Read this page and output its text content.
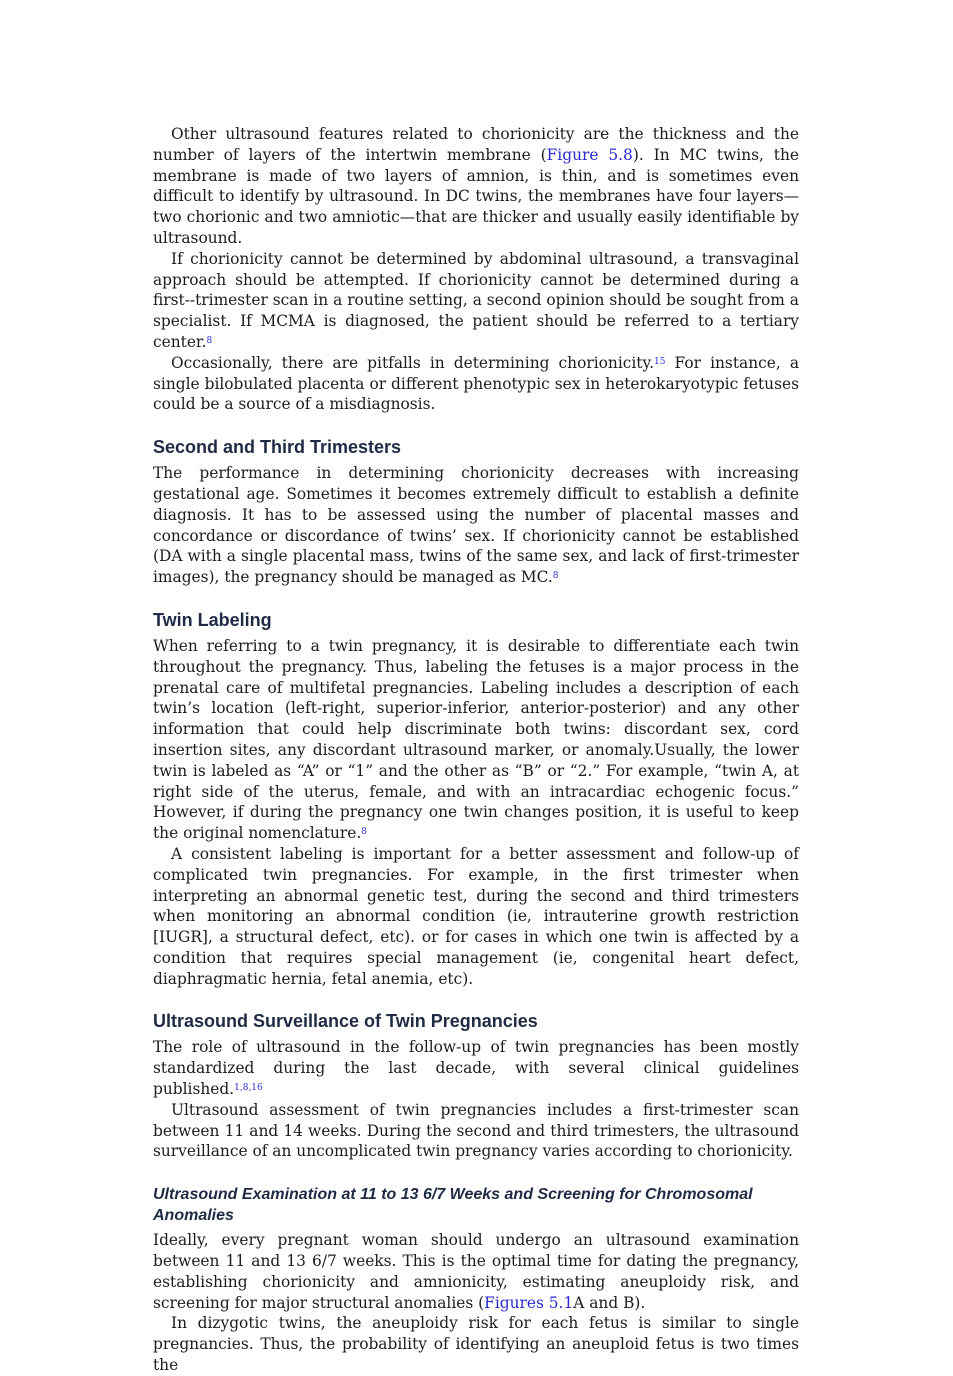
Other ultrasound features related to chorionicity are the thickness and the number of layers of the intertwin membrane (Figure 5.8). In MC twins, the membrane is made of two layers of amnion, is thin, and is sometimes even difficult to identify by ultrasound. In DC twins, the membranes have four layers—two chorionic and two amniotic—that are thicker and usually easily identifiable by ultrasound.

If chorionicity cannot be determined by abdominal ultrasound, a transvaginal approach should be attempted. If chorionicity cannot be determined during a first--trimester scan in a routine setting, a second opinion should be sought from a specialist. If MCMA is diagnosed, the patient should be referred to a tertiary center.$^8$

Occasionally, there are pitfalls in determining chorionicity.$^{15}$ For instance, a single bilobulated placenta or different phenotypic sex in heterokaryotypic fetuses could be a source of a misdiagnosis.

Second and Third Trimesters

The performance in determining chorionicity decreases with increasing gestational age. Sometimes it becomes extremely difficult to establish a definite diagnosis. It has to be assessed using the number of placental masses and concordance or discordance of twins’ sex. If chorionicity cannot be established (DA with a single placental mass, twins of the same sex, and lack of first-trimester images), the pregnancy should be managed as MC.$^8$

Twin Labeling

When referring to a twin pregnancy, it is desirable to differentiate each twin throughout the pregnancy. Thus, labeling the fetuses is a major process in the prenatal care of multifetal pregnancies. Labeling includes a description of each twin’s location (left-right, superior-inferior, anterior-posterior) and any other information that could help discriminate both twins: discordant sex, cord insertion sites, any discordant ultrasound marker, or anomaly.Usually, the lower twin is labeled as “A” or “1” and the other as “B” or “2.” For example, “twin A, at right side of the uterus, female, and with an intracardiac echogenic focus.” However, if during the pregnancy one twin changes position, it is useful to keep the original nomenclature.$^8$

A consistent labeling is important for a better assessment and follow-up of complicated twin pregnancies. For example, in the first trimester when interpreting an abnormal genetic test, during the second and third trimesters when monitoring an abnormal condition (ie, intrauterine growth restriction [IUGR], a structural defect, etc). or for cases in which one twin is affected by a condition that requires special management (ie, congenital heart defect, diaphragmatic hernia, fetal anemia, etc).

Ultrasound Surveillance of Twin Pregnancies

The role of ultrasound in the follow-up of twin pregnancies has been mostly standardized during the last decade, with several clinical guidelines published.$^{1,8,16}$

Ultrasound assessment of twin pregnancies includes a first-trimester scan between 11 and 14 weeks. During the second and third trimesters, the ultrasound surveillance of an uncomplicated twin pregnancy varies according to chorionicity.

Ultrasound Examination at 11 to 13 6/7 Weeks and Screening for Chromosomal Anomalies

Ideally, every pregnant woman should undergo an ultrasound examination between 11 and 13 6/7 weeks. This is the optimal time for dating the pregnancy, establishing chorionicity and amnionicity, estimating aneuploidy risk, and screening for major structural anomalies (Figures 5.1A and B).

In dizygotic twins, the aneuploidy risk for each fetus is similar to single pregnancies. Thus, the probability of identifying an aneuploid fetus is two times the
